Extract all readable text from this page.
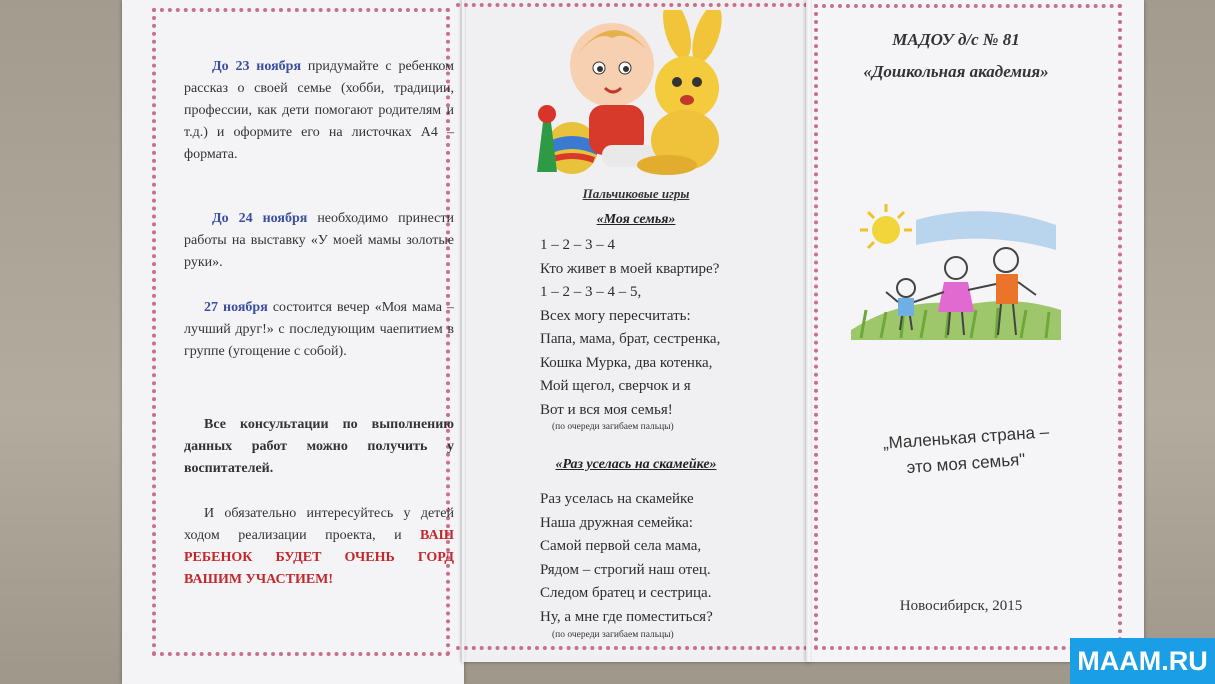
До 23 ноября придумайте с ребенком рассказ о своей семье (хобби, традиции, профессии, как дети помогают родителям и т.д.) и оформите его на листочках А4 – формата.
До 24 ноября необходимо принести работы на выставку «У моей мамы золотые руки».
27 ноября состоится вечер «Моя мама – лучший друг!» с последующим чаепитием в группе (угощение с собой).
Все консультации по выполнению данных работ можно получить у воспитателей.
И обязательно интересуйтесь у детей ходом реализации проекта, и ВАШ РЕБЕНОК БУДЕТ ОЧЕНЬ ГОРД ВАШИМ УЧАСТИЕМ!
Пальчиковые игры
«Моя семья»
1 – 2 – 3 – 4
Кто живет в моей квартире?
1 – 2 – 3 – 4 – 5,
Всех могу пересчитать:
Папа, мама, брат, сестренка,
Кошка Мурка, два котенка,
Мой щегол, сверчок и я
Вот и вся моя семья!
(по очереди загибаем пальцы)
«Раз уселась на скамейке»
Раз уселась на скамейке
Наша дружная семейка:
Самой первой села мама,
Рядом – строгий наш отец.
Следом братец и сестрица.
Ну, а мне где поместиться?
(по очереди загибаем пальцы)
МАДОУ д/с № 81
«Дошкольная академия»
„Маленькая страна –
это моя семья"
Новосибирск, 2015
MAAM.RU
